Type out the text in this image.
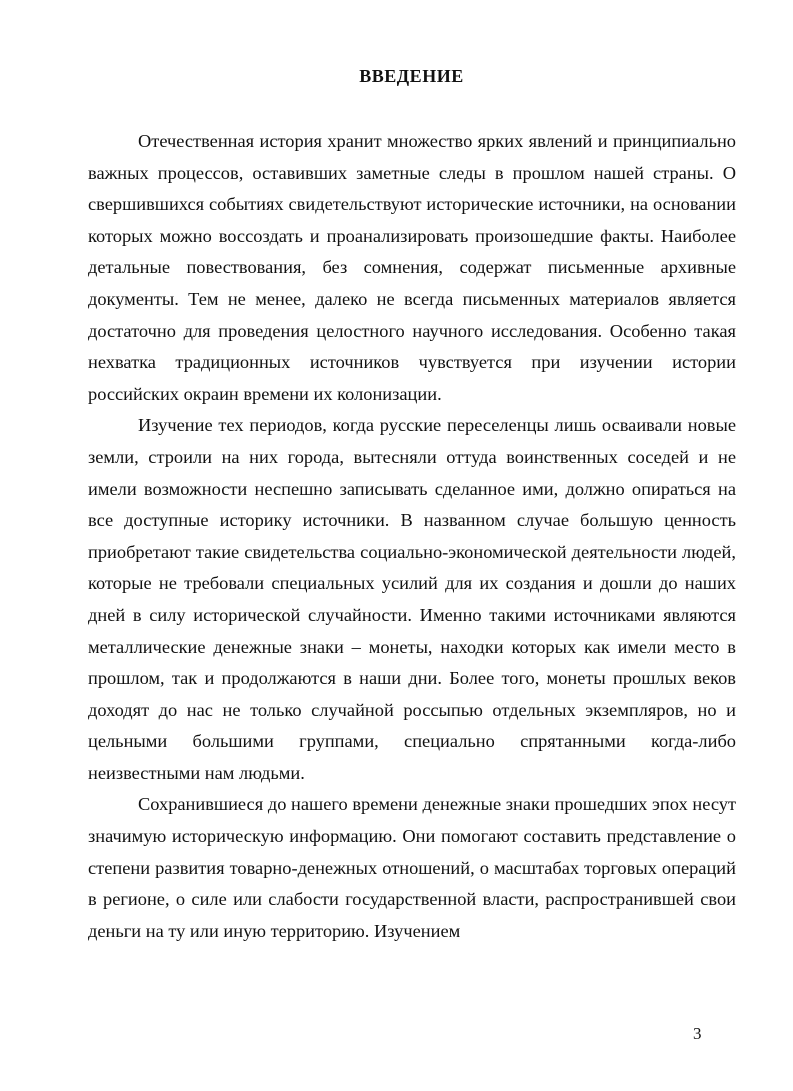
ВВЕДЕНИЕ

Отечественная история хранит множество ярких явлений и принципиально важных процессов, оставивших заметные следы в прошлом нашей страны. О свершившихся событиях свидетельствуют исторические источники, на основании которых можно воссоздать и проанализировать произошедшие факты. Наиболее детальные повествования, без сомнения, содержат письменные архивные документы. Тем не менее, далеко не всегда письменных материалов является достаточно для проведения целостного научного исследования. Особенно такая нехватка традиционных источников чувствуется при изучении истории российских окраин времени их колонизации.

Изучение тех периодов, когда русские переселенцы лишь осваивали новые земли, строили на них города, вытесняли оттуда воинственных соседей и не имели возможности неспешно записывать сделанное ими, должно опираться на все доступные историку источники. В названном случае большую ценность приобретают такие свидетельства социально-экономической деятельности людей, которые не требовали специальных усилий для их создания и дошли до наших дней в силу исторической случайности. Именно такими источниками являются металлические денежные знаки – монеты, находки которых как имели место в прошлом, так и продолжаются в наши дни. Более того, монеты прошлых веков доходят до нас не только случайной россыпью отдельных экземпляров, но и цельными большими группами, специально спрятанными когда-либо неизвестными нам людьми.

Сохранившиеся до нашего времени денежные знаки прошедших эпох несут значимую историческую информацию. Они помогают составить представление о степени развития товарно-денежных отношений, о масштабах торговых операций в регионе, о силе или слабости государственной власти, распространившей свои деньги на ту или иную территорию. Изучением

3
